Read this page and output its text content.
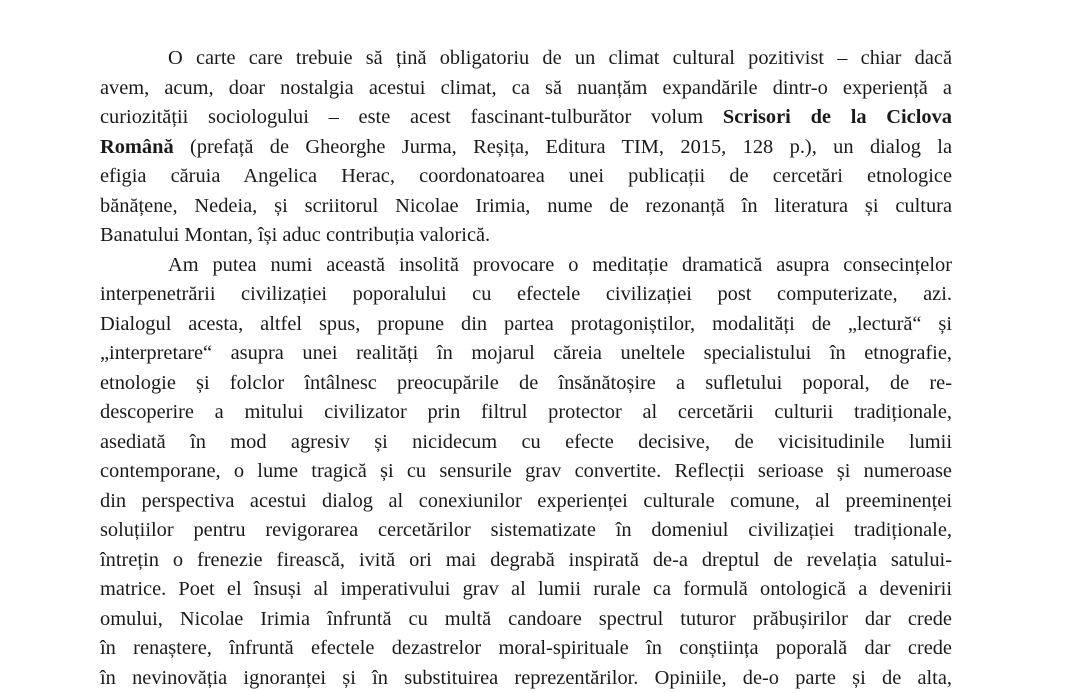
O carte care trebuie să țină obligatoriu de un climat cultural pozitivist – chiar dacă
avem, acum, doar nostalgia acestui climat, ca să nuanțăm expandările dintr-o experiență a
curiozității sociologului – este acest fascinant-tulburător volum Scrisori de la Ciclova
Română (prefață de Gheorghe Jurma, Reșița, Editura TIM, 2015, 128 p.), un dialog la
efigia căruia Angelica Herac, coordonatoarea unei publicații de cercetări etnologice
bănățene, Nedeia, și scriitorul Nicolae Irimia, nume de rezonanță în literatura și cultura
Banatului Montan, își aduc contribuția valorică.
Am putea numi această insolită provocare o meditație dramatică asupra consecințelor
interpenetrării civilizației poporalului cu efectele civilizației post computerizate, azi.
Dialogul acesta, altfel spus, propune din partea protagoniștilor, modalități de „lectură“ și
„interpretare“ asupra unei realități în mojarul căreia uneltele specialistului în etnografie,
etnologie și folclor întâlnesc preocupările de însănătoșire a sufletului poporal, de re-
descoperire a mitului civilizator prin filtrul protector al cercetării culturii tradiționale,
asediată în mod agresiv și nicidecum cu efecte decisive, de vicisitudinile lumii
contemporane, o lume tragică și cu sensurile grav convertite. Reflecții serioase și numeroase
din perspectiva acestui dialog al conexiunilor experienței culturale comune, al preeminenței
soluțiilor pentru revigorarea cercetărilor sistematizate în domeniul civilizației tradiționale,
întrețin o frenezie firească, ivită ori mai degrabă inspirată de-a dreptul de revelația satului-
matrice. Poet el însuși al imperativului grav al lumii rurale ca formulă ontologică a devenirii
omului, Nicolae Irimia înfruntă cu multă candoare spectrul tuturor prăbușirilor dar crede
în renaștere, înfruntă efectele dezastrelor moral-spirituale în conștiința poporală dar crede
în nevinovăția ignoranței și în substituirea reprezentărilor. Opiniile, de-o parte și de alta,
